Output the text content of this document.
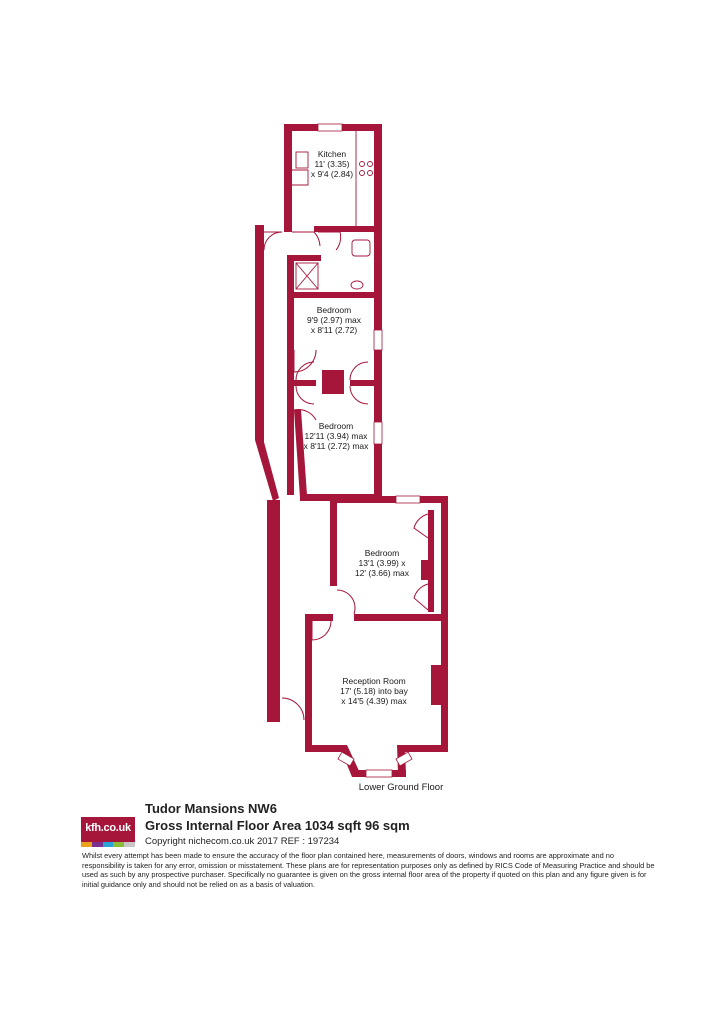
Kitchen
11' (3.35)
x 9'4 (2.84)
Bedroom
9'9 (2.97) max
x 8'11 (2.72)
Bedroom
12'11 (3.94) max
x 8'11 (2.72) max
Bedroom
13'1 (3.99) x
12' (3.66) max
Reception Room
17' (5.18) into bay
x 14'5 (4.39) max
Lower Ground Floor
kfh.co.uk
Tudor Mansions NW6
Gross Internal Floor Area 1034 sqft 96 sqm
Copyright nichecom.co.uk 2017 REF : 197234
Whilst every attempt has been made to ensure the accuracy of the floor plan contained here, measurements of doors, windows and rooms are approximate and no responsibility is taken for any error, omission or misstatement. These plans are for representation purposes only as defined by RICS Code of Measuring Practice and should be used as such by any prospective purchaser. Specifically no guarantee is given on the gross internal floor area of the property if quoted on this plan and any figure given is for initial guidance only and should not be relied on as a basis of valuation.
